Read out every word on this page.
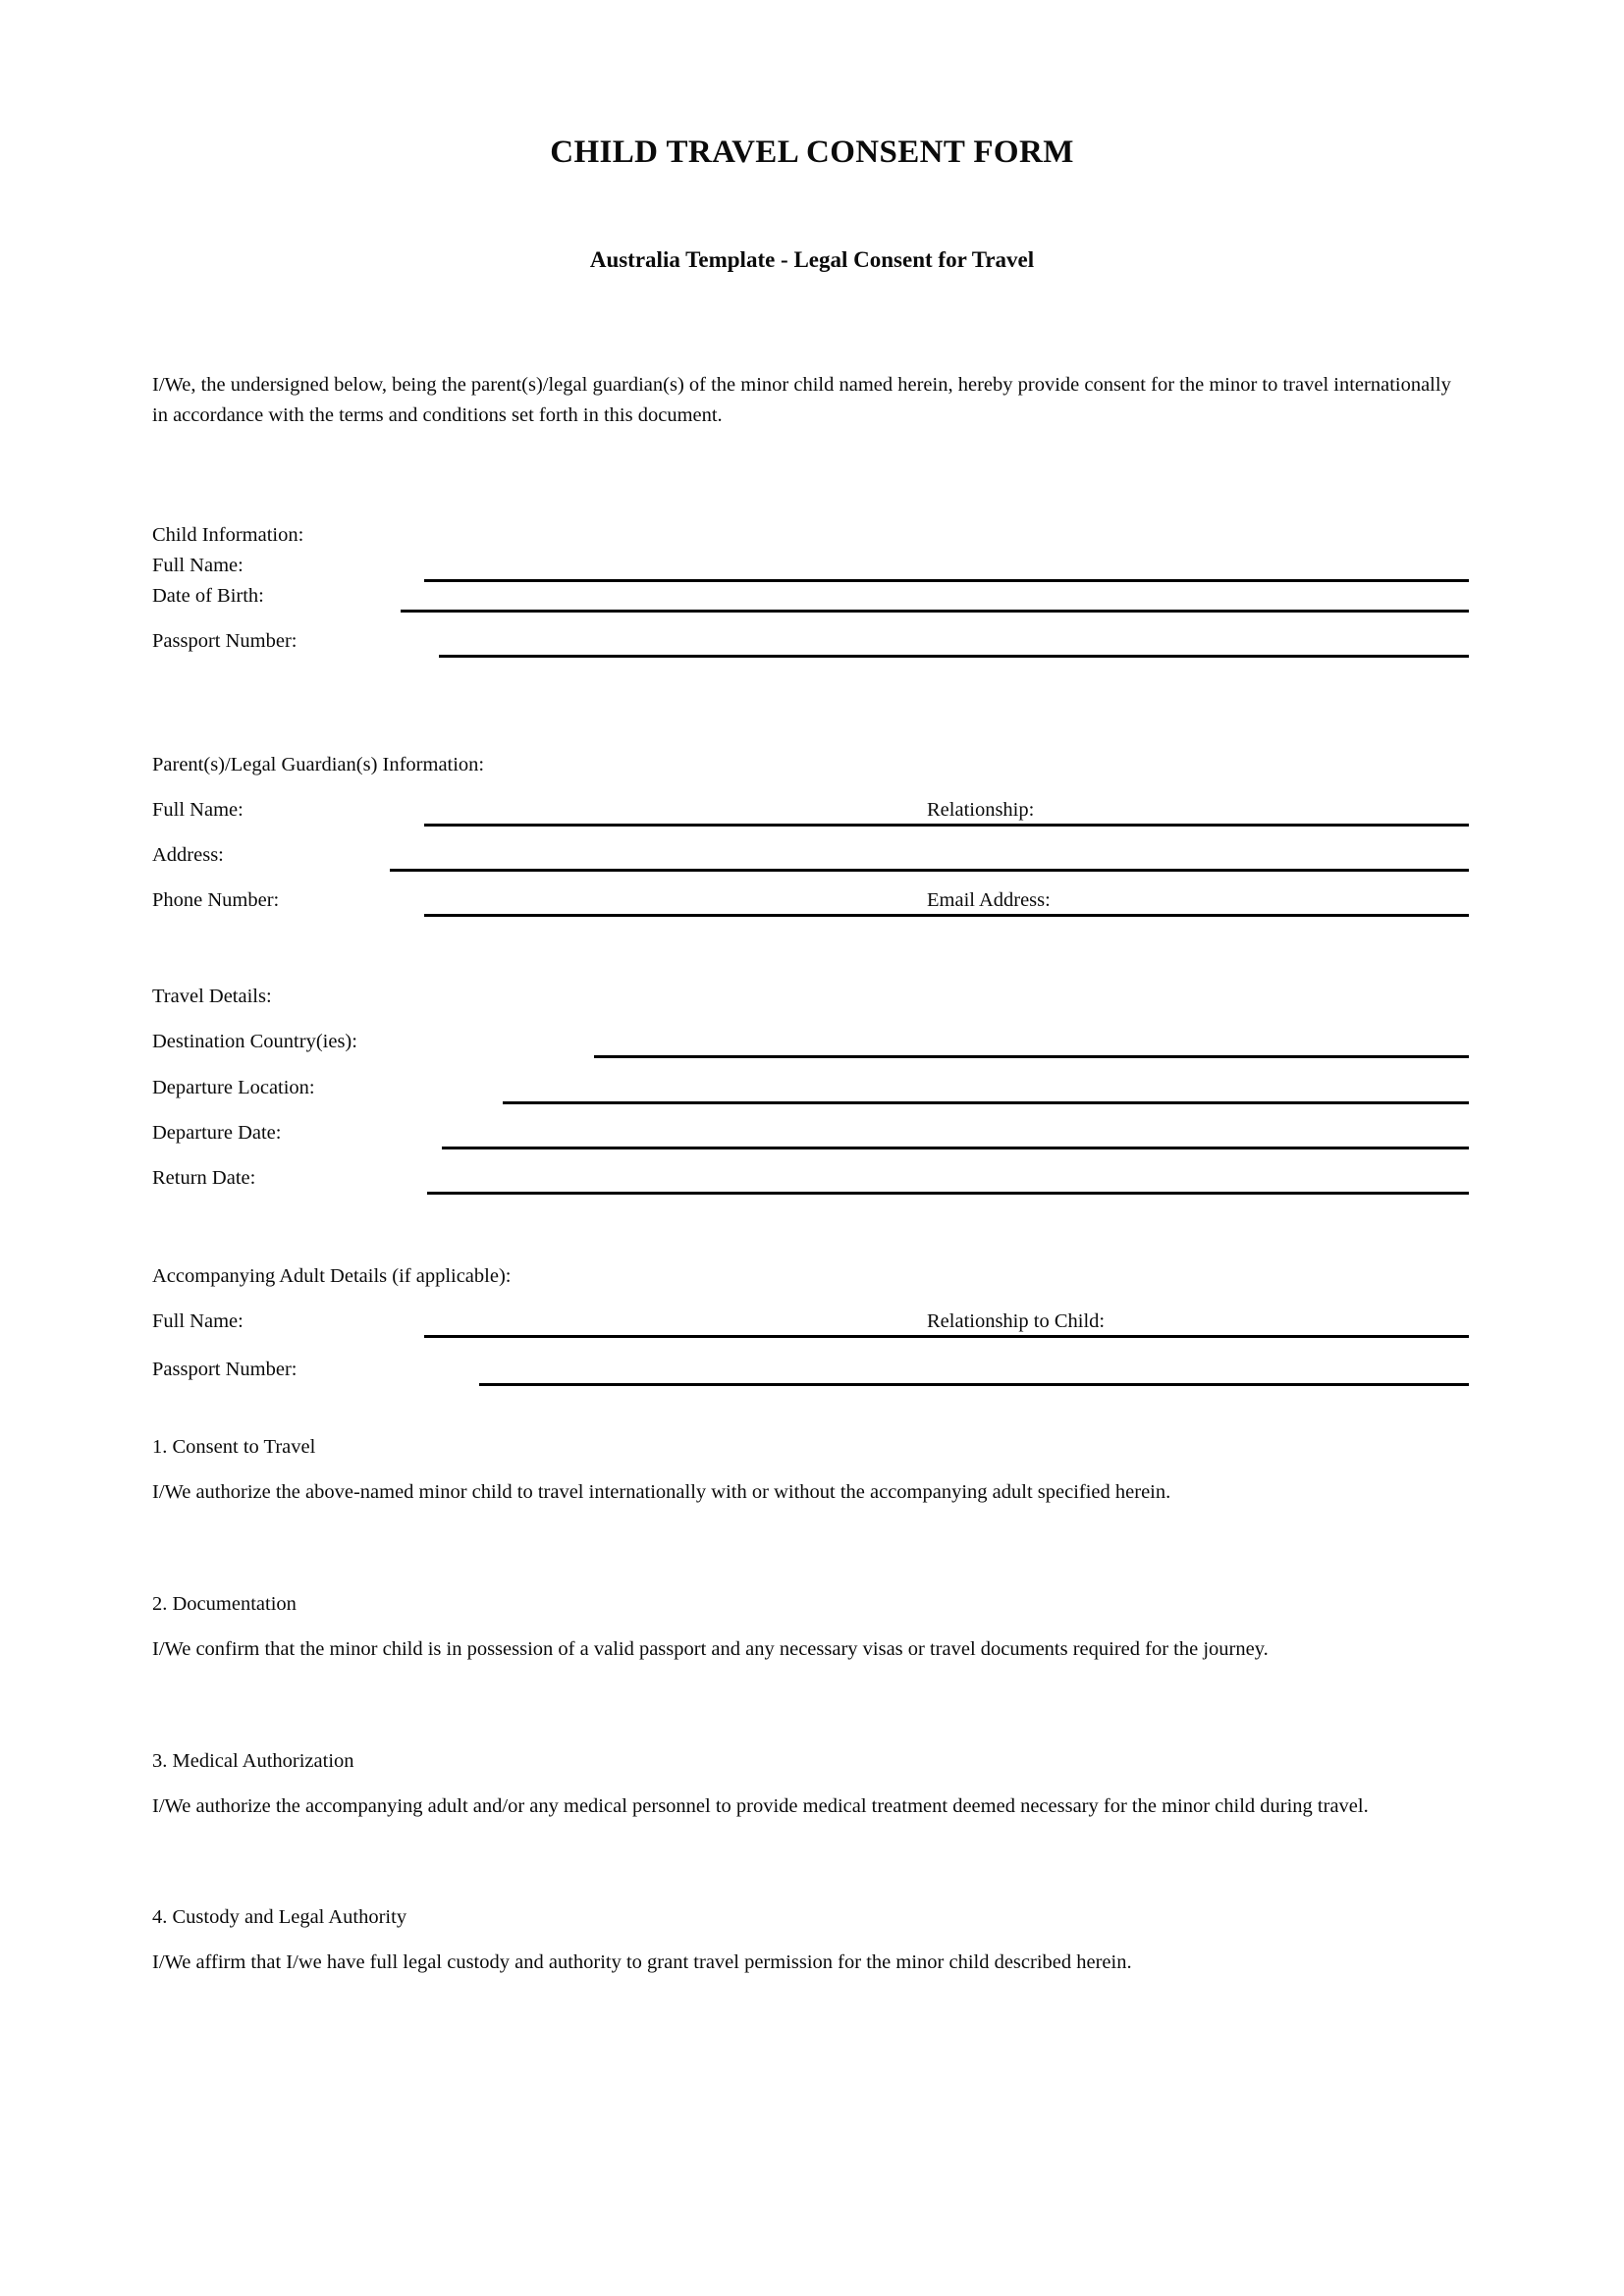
CHILD TRAVEL CONSENT FORM
Australia Template - Legal Consent for Travel

I/We, the undersigned below, being the parent(s)/legal guardian(s) of the minor child named herein, hereby provide consent for the minor to travel internationally in accordance with the terms and conditions set forth in this document.

Child Information:
Full Name:
Date of Birth:
Passport Number:
Parent(s)/Legal Guardian(s) Information:
Full Name:	Relationship:
Address:
Phone Number:	Email Address:
Travel Details:
Destination Country(ies):
Departure Location:
Departure Date:
Return Date:
Accompanying Adult Details (if applicable):
Full Name:	Relationship to Child:
Passport Number:
1. Consent to Travel
I/We authorize the above-named minor child to travel internationally with or without the accompanying adult specified herein.
2. Documentation
I/We confirm that the minor child is in possession of a valid passport and any necessary visas or travel documents required for the journey.
3. Medical Authorization
I/We authorize the accompanying adult and/or any medical personnel to provide medical treatment deemed necessary for the minor child during travel.
4. Custody and Legal Authority
I/We affirm that I/we have full legal custody and authority to grant travel permission for the minor child described herein.
